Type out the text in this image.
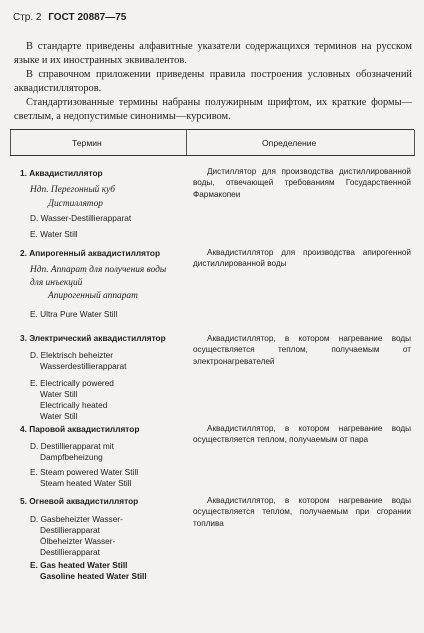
Стр. 2 ГОСТ 20887—75
В стандарте приведены алфавитные указатели содержащихся терминов на русском языке и их иностранных эквивалентов.
В справочном приложении приведены правила построения условных обозначений аквадистилляторов.
Стандартизованные термины набраны полужирным шрифтом, их краткие формы—светлым, а недопустимые синонимы—курсивом.
Термин	Определение
1. Аквадистиллятор
Ндп. Перегонный куб
Дистиллятор
D. Wasser-Destillierapparat
E. Water Still
Дистиллятор для производства дистиллированной воды, отвечающей требованиям Государственной Фармакопеи
2. Апирогенный аквадистиллятор
Ндп. Аппарат для получения воды для инъекций
Апирогенный аппарат
E. Ultra Pure Water Still
Аквадистиллятор для производства апирогенной дистиллированной воды
3. Электрический аквадистиллятор
D. Elektrisch beheizter
Wasserdestillierapparat
E. Electrically powered
Water Still
Electrically heated
Water Still
Аквадистиллятор, в котором нагревание воды осуществляется теплом, получаемым от электронагревателей
4. Паровой аквадистиллятор
D. Destillierapparat mit
Dampfbeheizung
E. Steam powered Water Still
Steam heated Water Still
Аквадистиллятор, в котором нагревание воды осуществляется теплом, получаемым от пара
5. Огневой аквадистиллятор
D. Gasbeheizter Wasser-
Destillierapparat
Ölbeheizter Wasser-
Destillierapparat
E. Gas heated Water Still
Gasoline heated Water Still
Аквадистиллятор, в котором нагревание воды осуществляется теплом, получаемым при сгорании топлива
